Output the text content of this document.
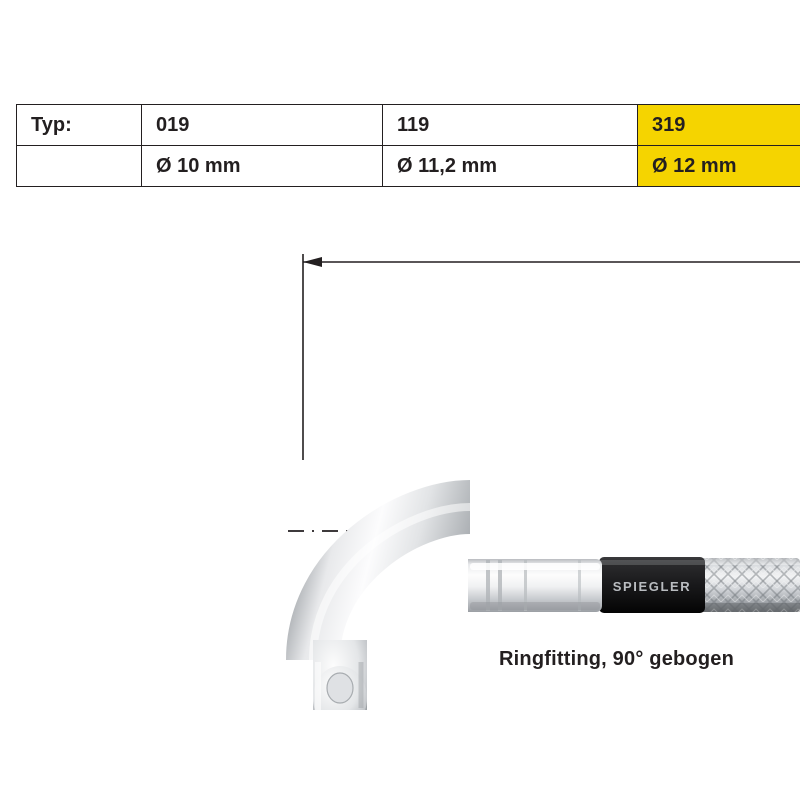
Typ:	019	119	319
	Ø 10 mm	Ø 11,2 mm	Ø 12 mm
SPIEGLER
Ringfitting, 90° gebogen
